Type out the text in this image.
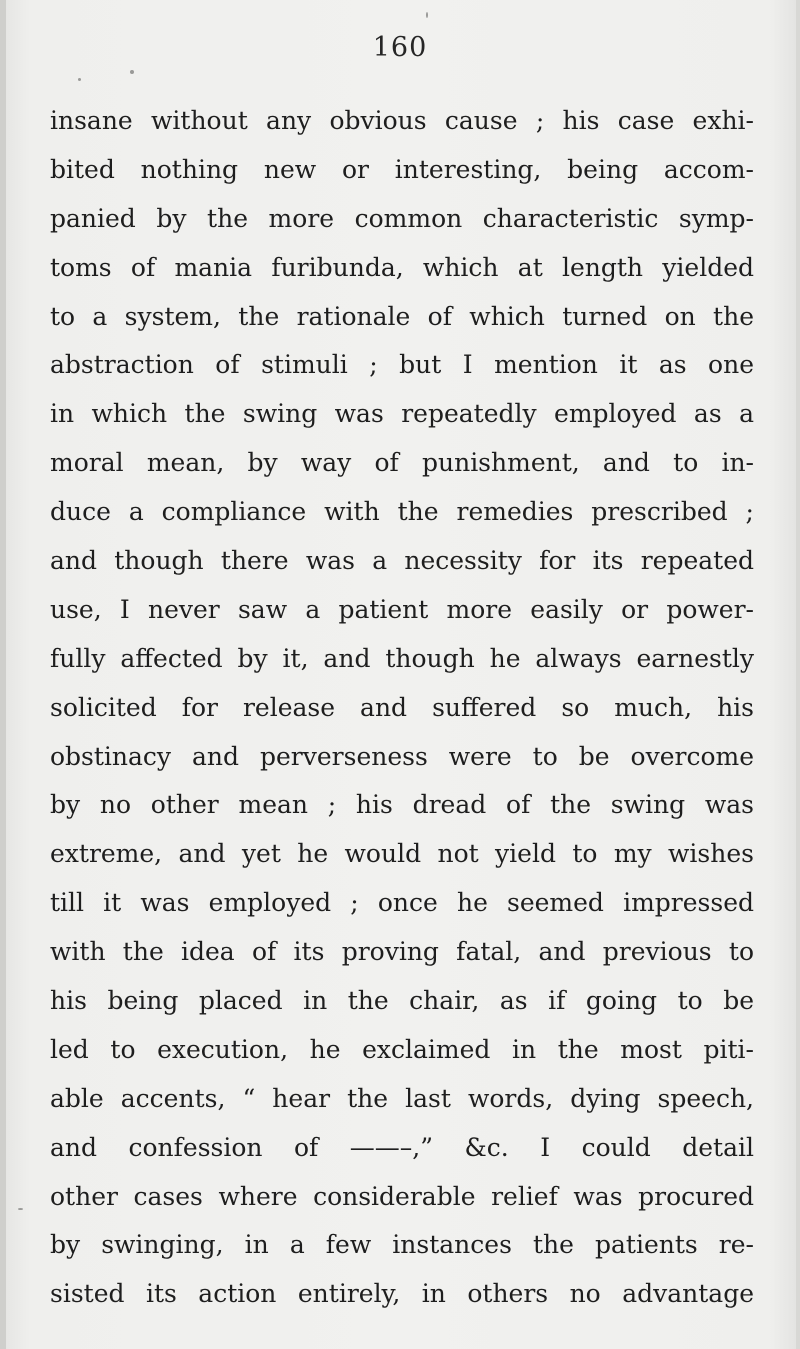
160
insane without any obvious cause ; his case exhi-
bited nothing new or interesting, being accom-
panied by the more common characteristic symp-
toms of mania furibunda, which at length yielded
to a system, the rationale of which turned on the
abstraction of stimuli ; but I mention it as one
in which the swing was repeatedly employed as a
moral mean, by way of punishment, and to in-
duce a compliance with the remedies prescribed ;
and though there was a necessity for its repeated
use, I never saw a patient more easily or power-
fully affected by it, and though he always earnestly
solicited for release and suffered so much, his
obstinacy and perverseness were to be overcome
by no other mean ; his dread of the swing was
extreme, and yet he would not yield to my wishes
till it was employed ; once he seemed impressed
with the idea of its proving fatal, and previous to
his being placed in the chair, as if going to be
led to execution, he exclaimed in the most piti-
able accents, “ hear the last words, dying speech,
and confession of ——–,” &c. I could detail
other cases where considerable relief was procured
by swinging, in a few instances the patients re-
sisted its action entirely, in others no advantage
